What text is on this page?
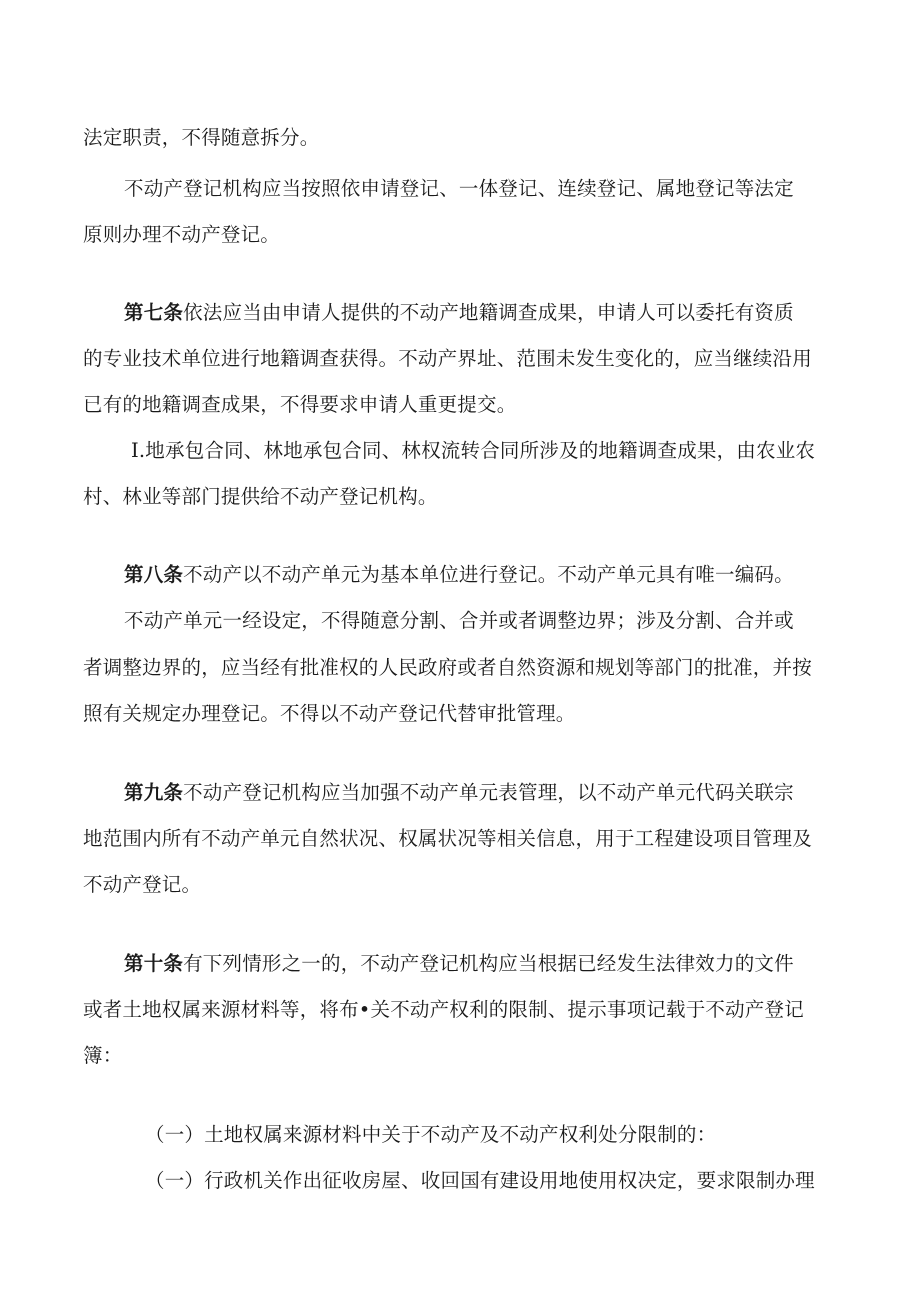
法定职责，不得随意拆分。
不动产登记机构应当按照依申请登记、一体登记、连续登记、属地登记等法定
原则办理不动产登记。
第七条依法应当由申请人提供的不动产地籍调查成果，申请人可以委托有资质
的专业技术单位进行地籍调查获得。不动产界址、范围未发生变化的，应当继续沿用
已有的地籍调查成果，不得要求申请人重更提交。
I.地承包合同、林地承包合同、林权流转合同所涉及的地籍调查成果，由农业农
村、林业等部门提供给不动产登记机构。
第八条不动产以不动产单元为基本单位进行登记。不动产单元具有唯一编码。
不动产单元一经设定，不得随意分割、合并或者调整边界；涉及分割、合并或
者调整边界的，应当经有批准权的人民政府或者自然资源和规划等部门的批准，并按
照有关规定办理登记。不得以不动产登记代替审批管理。
第九条不动产登记机构应当加强不动产单元表管理，以不动产单元代码关联宗
地范围内所有不动产单元自然状况、权属状况等相关信息，用于工程建设项目管理及
不动产登记。
第十条有下列情形之一的，不动产登记机构应当根据已经发生法律效力的文件
或者土地权属来源材料等，将布•关不动产权利的限制、提示事项记载于不动产登记
簿：
（一）土地权属来源材料中关于不动产及不动产权利处分限制的：
（一）行政机关作出征收房屋、收回国有建设用地使用权决定，要求限制办理
